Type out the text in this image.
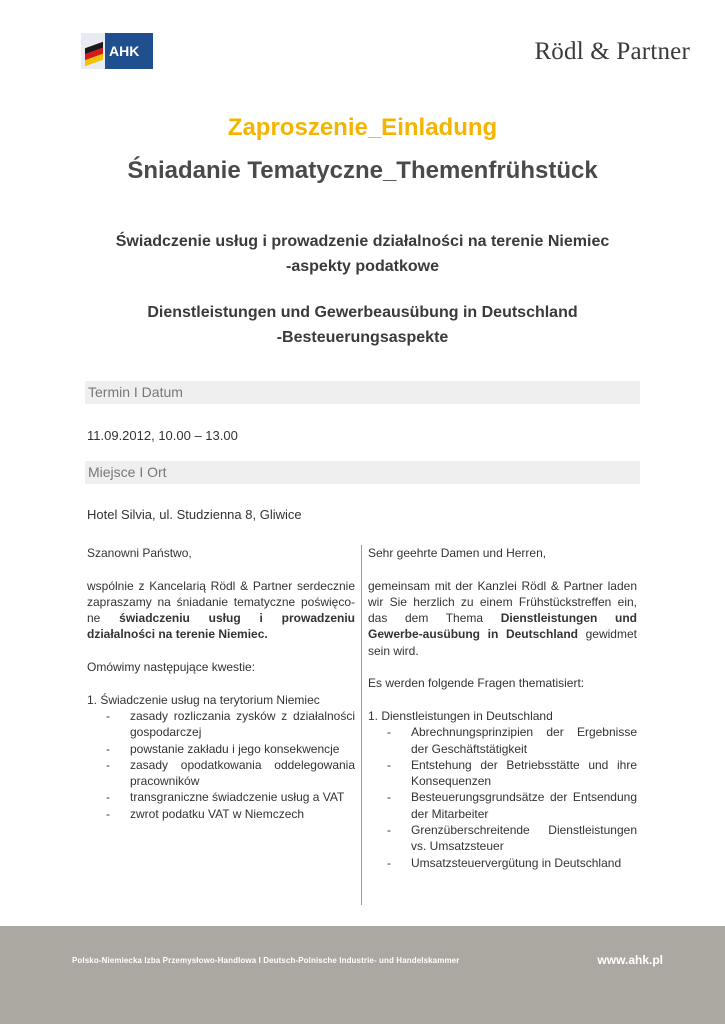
AHK	Rödl & Partner
Zaproszenie_Einladung
Śniadanie Tematyczne_Themenfrühstück
Świadczenie usług i prowadzenie działalności na terenie Niemiec
-aspekty podatkowe
Dienstleistungen und Gewerbeausübung in Deutschland
-Besteuerungsaspekte
Termin I Datum
11.09.2012, 10.00 – 13.00
Miejsce I Ort
Hotel Silvia, ul. Studzienna 8, Gliwice

Szanowni Państwo,

wspólnie z Kancelarią Rödl & Partner serdecznie zapraszamy na śniadanie tematyczne poświęco-ne świadczeniu usług i prowadzeniu działalności na terenie Niemiec.

Omówimy następujące kwestie:

1. Świadczenie usług na terytorium Niemiec

- zasady rozliczania zysków z działalności gospodarczej
- powstanie zakładu i jego konsekwencje
- zasady opodatkowania oddelegowania pracowników
- transgraniczne świadczenie usług a VAT
- zwrot podatku VAT w Niemczech

Sehr geehrte Damen und Herren,

gemeinsam mit der Kanzlei Rödl & Partner laden wir Sie herzlich zu einem Frühstückstreffen ein, das dem Thema Dienstleistungen und Gewerbe-ausübung in Deutschland gewidmet sein wird.

Es werden folgende Fragen thematisiert:

1. Dienstleistungen in Deutschland

- Abrechnungsprinzipien der Ergebnisse der Geschäftstätigkeit
- Entstehung der Betriebsstätte und ihre Konsequenzen
- Besteuerungsgrundsätze der Entsendung der Mitarbeiter
- Grenzüberschreitende Dienstleistungen vs. Umsatzsteuer
- Umsatzsteuervergütung in Deutschland
Polsko-Niemiecka Izba Przemysłowo-Handlowa I Deutsch-Polnische Industrie- und Handelskammer	www.ahk.pl
